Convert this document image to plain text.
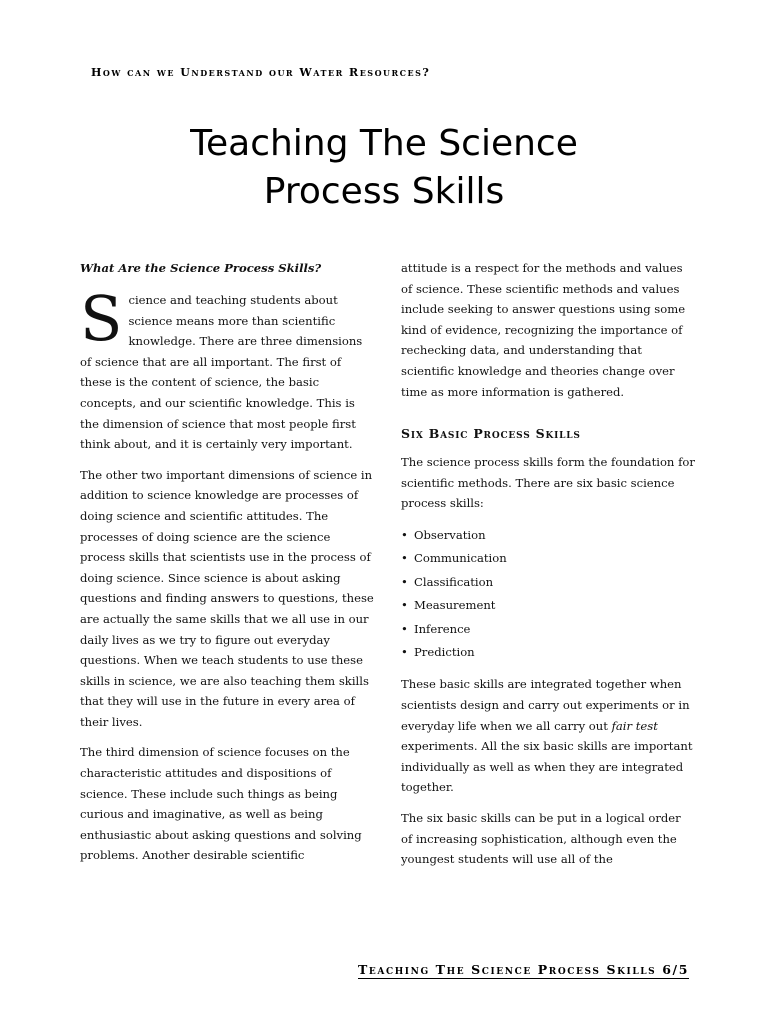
How can we Understand our Water Resources?
Teaching The Science
Process Skills
What Are the Science Process Skills?

Science and teaching students about science means more than scientific knowledge. There are three dimensions of science that are all important. The first of these is the content of science, the basic concepts, and our scientific knowledge. This is the dimension of science that most people first think about, and it is certainly very important.

The other two important dimensions of science in addition to science knowledge are processes of doing science and scientific attitudes. The processes of doing science are the science process skills that scientists use in the process of doing science. Since science is about asking questions and finding answers to questions, these are actually the same skills that we all use in our daily lives as we try to figure out everyday questions. When we teach students to use these skills in science, we are also teaching them skills that they will use in the future in every area of their lives.

The third dimension of science focuses on the characteristic attitudes and dispositions of science. These include such things as being curious and imaginative, as well as being enthusiastic about asking questions and solving problems. Another desirable scientific

attitude is a respect for the methods and values of science. These scientific methods and values include seeking to answer questions using some kind of evidence, recognizing the importance of rechecking data, and understanding that scientific knowledge and theories change over time as more information is gathered.

Six Basic Process Skills

The science process skills form the foundation for scientific methods. There are six basic science process skills:

• Observation
• Communication
• Classification
• Measurement
• Inference
• Prediction

These basic skills are integrated together when scientists design and carry out experiments or in everyday life when we all carry out fair test experiments. All the six basic skills are important individually as well as when they are integrated together.

The six basic skills can be put in a logical order of increasing sophistication, although even the youngest students will use all of the

Teaching The Science Process Skills 6/5
